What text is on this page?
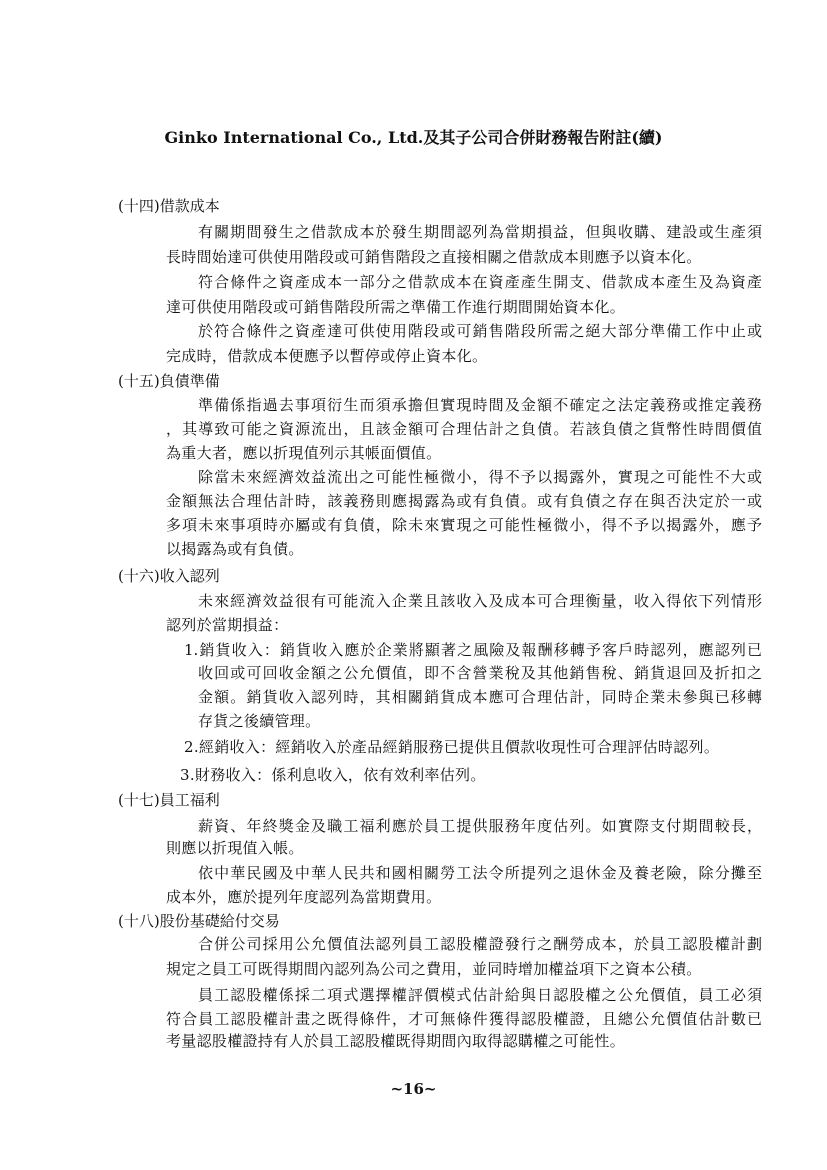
Ginko International Co., Ltd.及其子公司合併財務報告附註(續)
(十四)借款成本
有關期間發生之借款成本於發生期間認列為當期損益，但與收購、建設或生產須
長時間始達可供使用階段或可銷售階段之直接相關之借款成本則應予以資本化。
符合條件之資產成本一部分之借款成本在資產產生開支、借款成本產生及為資產
達可供使用階段或可銷售階段所需之準備工作進行期間開始資本化。
於符合條件之資產達可供使用階段或可銷售階段所需之絕大部分準備工作中止或
完成時，借款成本便應予以暫停或停止資本化。
(十五)負債準備
準備係指過去事項衍生而須承擔但實現時間及金額不確定之法定義務或推定義務
，其導致可能之資源流出，且該金額可合理估計之負債。若該負債之貨幣性時間價值
為重大者，應以折現值列示其帳面價值。
除當未來經濟效益流出之可能性極微小，得不予以揭露外，實現之可能性不大或
金額無法合理估計時，該義務則應揭露為或有負債。或有負債之存在與否決定於一或
多項未來事項時亦屬或有負債，除未來實現之可能性極微小，得不予以揭露外，應予
以揭露為或有負債。
(十六)收入認列
未來經濟效益很有可能流入企業且該收入及成本可合理衡量，收入得依下列情形
認列於當期損益：
1.銷貨收入：銷貨收入應於企業將顯著之風險及報酬移轉予客戶時認列，應認列已
收回或可回收金額之公允價值，即不含營業稅及其他銷售稅、銷貨退回及折扣之
金額。銷貨收入認列時，其相關銷貨成本應可合理估計，同時企業未參與已移轉
存貨之後續管理。
2.經銷收入：經銷收入於產品經銷服務已提供且價款收現性可合理評估時認列。
3.財務收入：係利息收入，依有效利率估列。
(十七)員工福利
薪資、年終獎金及職工福利應於員工提供服務年度估列。如實際支付期間較長，
則應以折現值入帳。
依中華民國及中華人民共和國相關勞工法令所提列之退休金及養老險，除分攤至
成本外，應於提列年度認列為當期費用。
(十八)股份基礎給付交易
合併公司採用公允價值法認列員工認股權證發行之酬勞成本，於員工認股權計劃
規定之員工可既得期間內認列為公司之費用，並同時增加權益項下之資本公積。
員工認股權係採二項式選擇權評價模式估計給與日認股權之公允價值，員工必須
符合員工認股權計畫之既得條件，才可無條件獲得認股權證，且總公允價值估計數已
考量認股權證持有人於員工認股權既得期間內取得認購權之可能性。
~16~
